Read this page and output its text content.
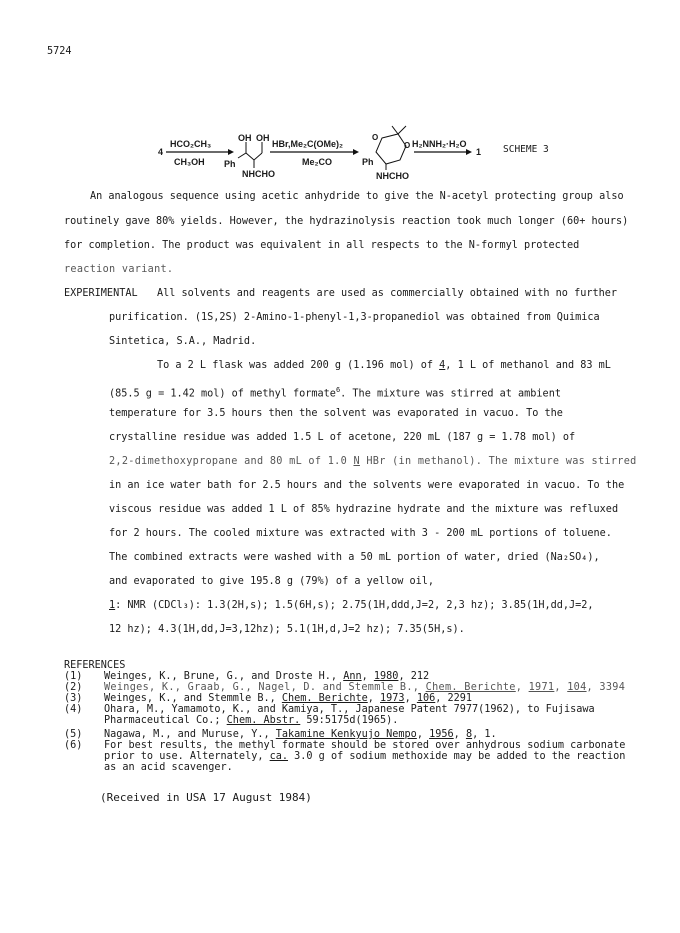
5724
4
HCO₂CH₃
CH₃OH
OH OH
Ph
NHCHO
HBr,Me₂C(OMe)₂
Me₂CO
O
O
Ph
NHCHO
H₂NNH₂·H₂O
1 SCHEME 3
An analogous sequence using acetic anhydride to give the N-acetyl protecting group also
routinely gave 80% yields. However, the hydrazinolysis reaction took much longer (60+ hours)
for completion. The product was equivalent in all respects to the N-formyl protected
reaction variant.
EXPERIMENTAL All solvents and reagents are used as commercially obtained with no further
purification. (1S,2S) 2-Amino-1-phenyl-1,3-propanediol was obtained from Quimica
Sintetica, S.A., Madrid.
To a 2 L flask was added 200 g (1.196 mol) of 4, 1 L of methanol and 83 mL
(85.5 g = 1.42 mol) of methyl formate$^6$. The mixture was stirred at ambient
temperature for 3.5 hours then the solvent was evaporated in vacuo. To the
crystalline residue was added 1.5 L of acetone, 220 mL (187 g = 1.78 mol) of
2,2-dimethoxypropane and 80 mL of 1.0 N HBr (in methanol). The mixture was stirred
in an ice water bath for 2.5 hours and the solvents were evaporated in vacuo. To the
viscous residue was added 1 L of 85% hydrazine hydrate and the mixture was refluxed
for 2 hours. The cooled mixture was extracted with 3 - 200 mL portions of toluene.
The combined extracts were washed with a 50 mL portion of water, dried (Na₂SO₄),
and evaporated to give 195.8 g (79%) of a yellow oil,
1: NMR (CDCl₃): 1.3(2H,s); 1.5(6H,s); 2.75(1H,ddd,J=2, 2,3 hz); 3.85(1H,dd,J=2,
12 hz); 4.3(1H,dd,J=3,12hz); 5.1(1H,d,J=2 hz); 7.35(5H,s).
REFERENCES
(1) Weinges, K., Brune, G., and Droste H., Ann, 1980, 212
(2) Weinges, K., Graab, G., Nagel, D. and Stemmle B., Chem. Berichte, 1971, 104, 3394
(3) Weinges, K., and Stemmle B., Chem. Berichte, 1973, 106, 2291
(4) Ohara, M., Yamamoto, K., and Kamiya, T., Japanese Patent 7977(1962), to Fujisawa
Pharmaceutical Co.; Chem. Abstr. 59:5175d(1965).
(5) Nagawa, M., and Muruse, Y., Takamine Kenkyujo Nempo, 1956, 8, 1.
(6) For best results, the methyl formate should be stored over anhydrous sodium carbonate
prior to use. Alternately, ca. 3.0 g of sodium methoxide may be added to the reaction
as an acid scavenger.
(Received in USA 17 August 1984)
